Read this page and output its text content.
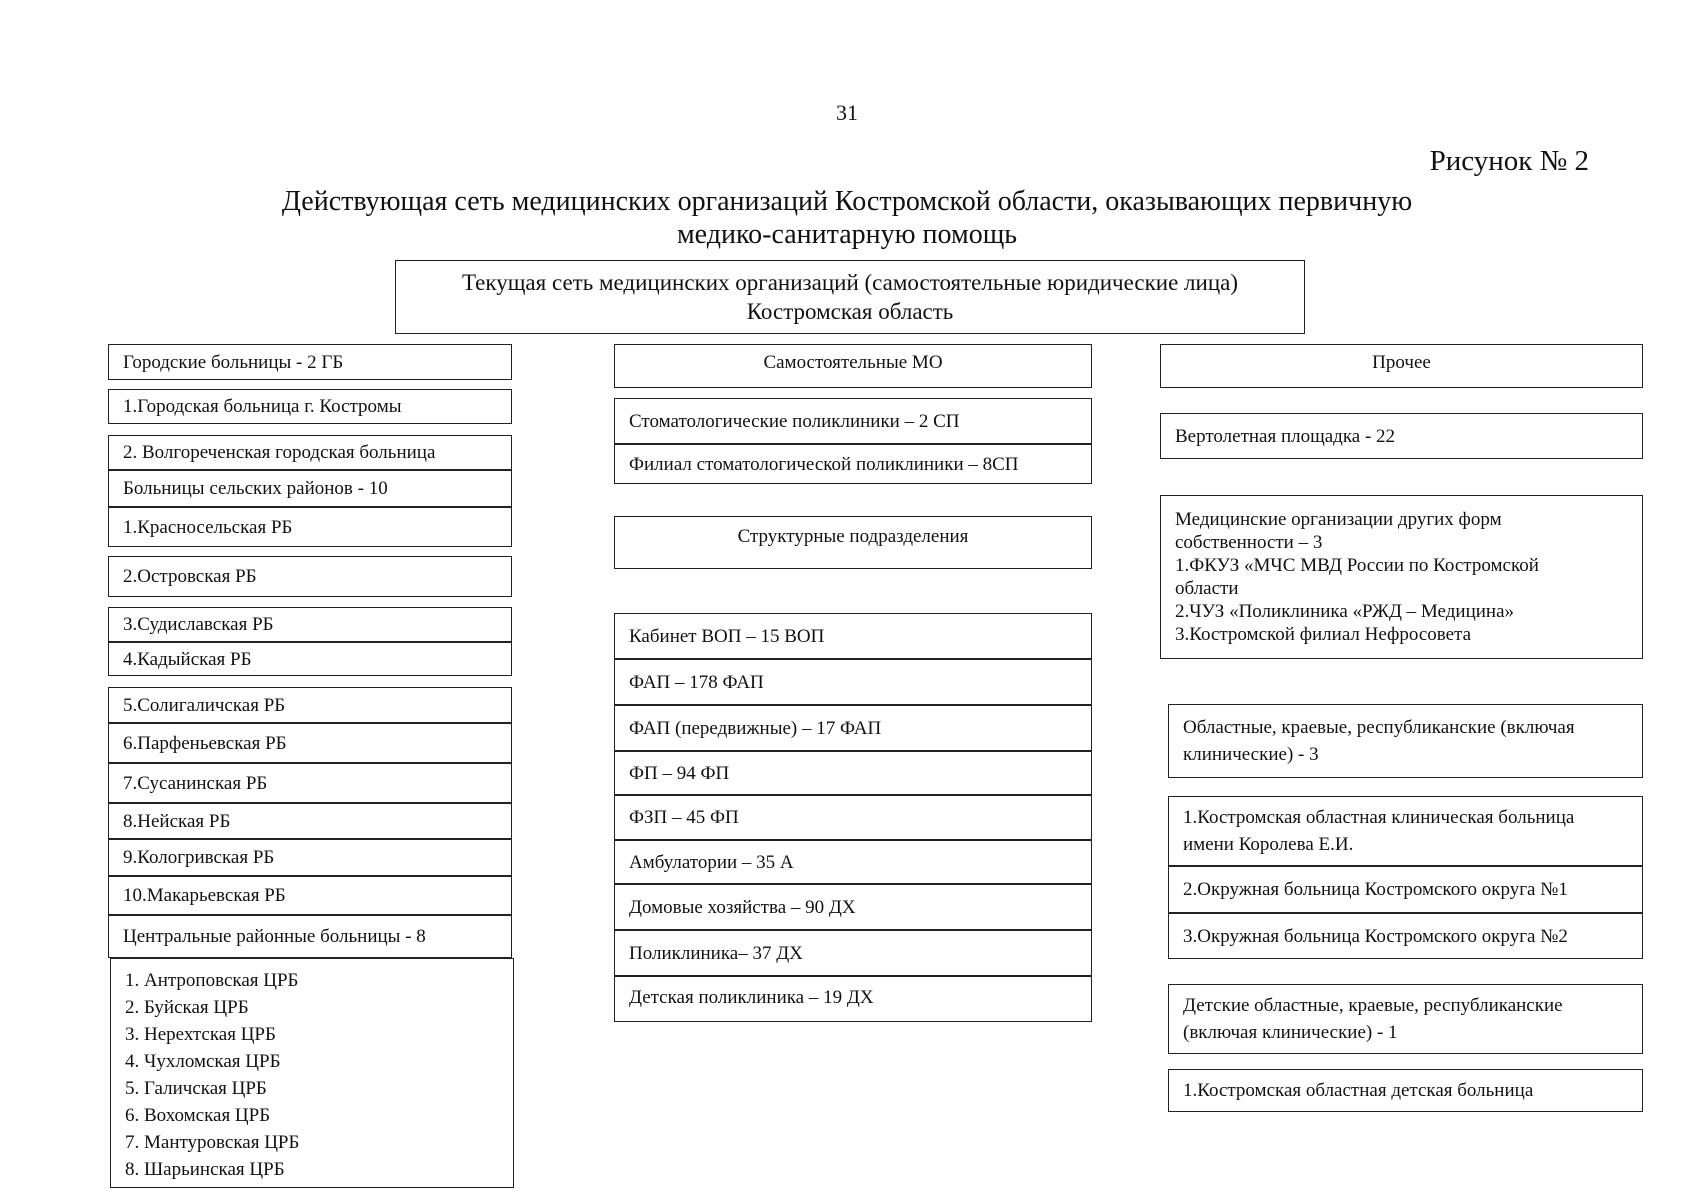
31
Рисунок № 2
Действующая сеть медицинских организаций Костромской области, оказывающих первичную
медико-санитарную помощь
Текущая сеть медицинских организаций (самостоятельные юридические лица)
Костромская область
Городские больницы - 2 ГБ
1.Городская больница г. Костромы
2. Волгореченская городская больница
Больницы сельских районов - 10
1.Красносельская РБ
2.Островская РБ
3.Судиславская РБ
4.Кадыйская РБ
5.Солигаличская РБ
6.Парфеньевская РБ
7.Сусанинская РБ
8.Нейская РБ
9.Кологривская РБ
10.Макарьевская РБ
Центральные районные больницы - 8
1. Антроповская ЦРБ
2. Буйская ЦРБ
3. Нерехтская ЦРБ
4. Чухломская ЦРБ
5. Галичская ЦРБ
6. Вохомская ЦРБ
7. Мантуровская ЦРБ
8. Шарьинская ЦРБ
Самостоятельные МО
Стоматологические поликлиники – 2 СП
Филиал стоматологической поликлиники – 8СП
Структурные подразделения
Кабинет ВОП – 15 ВОП
ФАП – 178 ФАП
ФАП (передвижные) – 17 ФАП
ФП – 94 ФП
ФЗП – 45 ФП
Амбулатории – 35 А
Домовые хозяйства – 90 ДХ
Поликлиника– 37 ДХ
Детская поликлиника – 19 ДХ
Прочее
Вертолетная площадка - 22
Медицинские организации других форм
собственности – 3
1.ФКУЗ «МЧС МВД России по Костромской
области
2.ЧУЗ «Поликлиника «РЖД – Медицина»
3.Костромской филиал Нефросовета
Областные, краевые, республиканские (включая
клинические) - 3
1.Костромская областная клиническая больница
имени Королева Е.И.
2.Окружная больница Костромского округа №1
3.Окружная больница Костромского округа №2
Детские областные, краевые, республиканские
(включая клинические) - 1
1.Костромская областная детская больница
